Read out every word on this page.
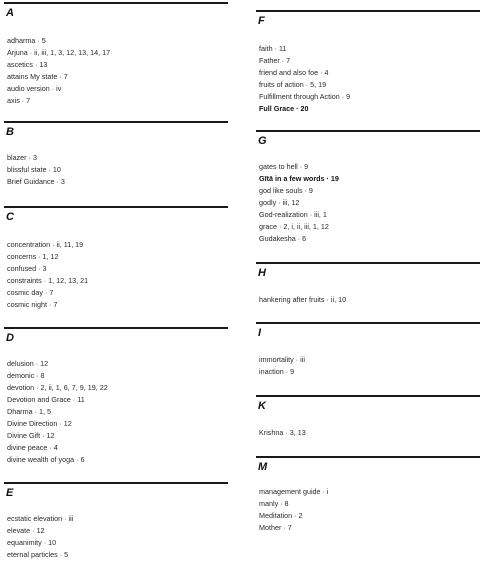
A
adharma · 5
Arjuna · ii, iii, 1, 3, 12, 13, 14, 17
ascetics · 13
attains My state · 7
audio version · iv
axis · 7
B
blazer · 3
blissful state · 10
Brief Guidance · 3
C
concentration · ii, 11, 19
concerns · 1, 12
confused · 3
constraints · 1, 12, 13, 21
cosmic day · 7
cosmic night · 7
D
delusion · 12
demonic · 8
devotion · 2, ii, 1, 6, 7, 9, 19, 22
Devotion and Grace · 11
Dharma · 1, 5
Divine Direction · 12
Divine Gift · 12
divine peace · 4
divine wealth of yoga · 6
E
ecstatic elevation · iii
elevate · 12
equanimity · 10
eternal particles · 5
F
faith · 11
Father · 7
friend and also foe · 4
fruits of action · 5, 19
Fulfillment through Action · 9
Full Grace · 20
G
gates to hell · 9
Gītā in a few words · 19
god like souls · 9
godly · iii, 12
God-realization · iii, 1
grace · 2, i, ii, iii, 1, 12
Gudakesha · 6
H
hankering after fruits · ii, 10
I
immortality · iii
inaction · 9
K
Krishna · 3, 13
M
management guide · i
manly · 8
Meditation · 2
Mother · 7
